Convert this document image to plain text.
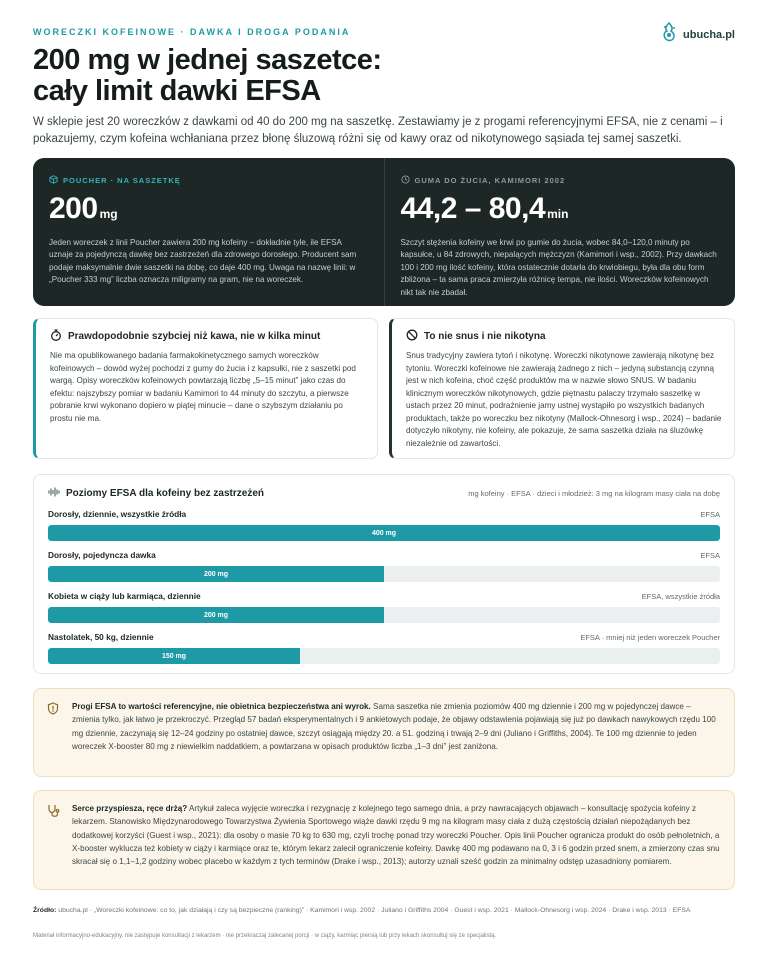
WORECZKI KOFEINOWE · DAWKA I DROGA PODANIA	ubucha.pl
200 mg w jednej saszetce:
cały limit dawki EFSA

W sklepie jest 20 woreczków z dawkami od 40 do 200 mg na saszetkę. Zestawiamy je z progami referencyjnymi EFSA, nie z cenami – i pokazujemy, czym kofeina wchłaniana przez błonę śluzową różni się od kawy oraz od nikotynowego sąsiada tej samej saszetki.

POUCHER · NA SASZETKĘ
200 mg

Jeden woreczek z linii Poucher zawiera 200 mg kofeiny – dokładnie tyle, ile EFSA uznaje za pojedynczą dawkę bez zastrzeżeń dla zdrowego dorosłego. Producent sam podaje maksymalnie dwie saszetki na dobę, co daje 400 mg. Uwaga na nazwę linii: w „Poucher 333 mg” liczba oznacza miligramy na gram, nie na woreczek.

GUMA DO ŻUCIA, KAMIMORI 2002
44,2 – 80,4 min

Szczyt stężenia kofeiny we krwi po gumie do żucia, wobec 84,0–120,0 minuty po kapsułce, u 84 zdrowych, niepalących mężczyzn (Kamimori i wsp., 2002). Przy dawkach 100 i 200 mg ilość kofeiny, która ostatecznie dotarła do krwiobiegu, była dla obu form zbliżona – ta sama praca zmierzyła różnicę tempa, nie ilości. Woreczków kofeinowych nikt tak nie zbadał.

Prawdopodobnie szybciej niż kawa, nie w kilka minut

Nie ma opublikowanego badania farmakokinetycznego samych woreczków kofeinowych – dowód wyżej pochodzi z gumy do żucia i z kapsułki, nie z saszetki pod wargą. Opisy woreczków kofeinowych powtarzają liczbę „5–15 minut” jako czas do efektu: najszybszy pomiar w badaniu Kamimori to 44 minuty do szczytu, a pierwsze pobranie krwi wykonano dopiero w piątej minucie – dane o szybszym działaniu po prostu nie ma.

To nie snus i nie nikotyna

Snus tradycyjny zawiera tytoń i nikotynę. Woreczki nikotynowe zawierają nikotynę bez tytoniu. Woreczki kofeinowe nie zawierają żadnego z nich – jedyną substancją czynną jest w nich kofeina, choć część produktów ma w nazwie słowo SNUS. W badaniu klinicznym woreczków nikotynowych, gdzie piętnastu palaczy trzymało saszetkę w ustach przez 20 minut, podrażnienie jamy ustnej wystąpiło po wszystkich badanych produktach, także po woreczku bez nikotyny (Mallock-Ohnesorg i wsp., 2024) – badanie dotyczyło nikotyny, nie kofeiny, ale pokazuje, że sama saszetka działa na śluzówkę niezależnie od zawartości.

Poziomy EFSA dla kofeiny bez zastrzeżeń	mg kofeiny · EFSA · dzieci i młodzież: 3 mg na kilogram masy ciała na dobę
Dorosły, dziennie, wszystkie źródła	EFSA
400 mg
Dorosły, pojedyncza dawka	EFSA
200 mg
Kobieta w ciąży lub karmiąca, dziennie	EFSA, wszystkie źródła
200 mg
Nastolatek, 50 kg, dziennie	EFSA · mniej niż jeden woreczek Poucher
150 mg
Progi EFSA to wartości referencyjne, nie obietnica bezpieczeństwa ani wyrok. Sama saszetka nie zmienia poziomów 400 mg dziennie i 200 mg w pojedynczej dawce – zmienia tylko, jak łatwo je przekroczyć. Przegląd 57 badań eksperymentalnych i 9 ankietowych podaje, że objawy odstawienia pojawiają się już po dawkach nawykowych rzędu 100 mg dziennie, zaczynają się 12–24 godziny po ostatniej dawce, szczyt osiągają między 20. a 51. godziną i trwają 2–9 dni (Juliano i Griffiths, 2004). Te 100 mg dziennie to jeden woreczek X-booster 80 mg z niewielkim naddatkiem, a powtarzana w opisach produktów liczba „1–3 dni” jest zaniżona.
Serce przyspiesza, ręce drżą? Artykuł zaleca wyjęcie woreczka i rezygnację z kolejnego tego samego dnia, a przy nawracających objawach – konsultację spożycia kofeiny z lekarzem. Stanowisko Międzynarodowego Towarzystwa Żywienia Sportowego wiąże dawki rzędu 9 mg na kilogram masy ciała z dużą częstością działań niepożądanych bez dodatkowej korzyści (Guest i wsp., 2021): dla osoby o masie 70 kg to 630 mg, czyli trochę ponad trzy woreczki Poucher. Opis linii Poucher ogranicza produkt do osób pełnoletnich, a X-booster wyklucza też kobiety w ciąży i karmiące oraz te, którym lekarz zalecił ograniczenie kofeiny. Dawkę 400 mg podawano na 0, 3 i 6 godzin przed snem, a zmierzony czas snu skracał się o 1,1–1,2 godziny wobec placebo w każdym z tych terminów (Drake i wsp., 2013); autorzy uznali sześć godzin za minimalny odstęp uzasadniony pomiarem.

Źródło: ubucha.pl · „Woreczki kofeinowe: co to, jak działają i czy są bezpieczne (ranking)” · Kamimori i wsp. 2002 · Juliano i Griffiths 2004 · Guest i wsp. 2021 · Mallock-Ohnesorg i wsp. 2024 · Drake i wsp. 2013 · EFSA

Materiał informacyjno-edukacyjny, nie zastępuje konsultacji z lekarzem · nie przekraczaj zalecanej porcji · w ciąży, karmiąc piersią lub przy lekach skonsultuj się ze specjalistą.
